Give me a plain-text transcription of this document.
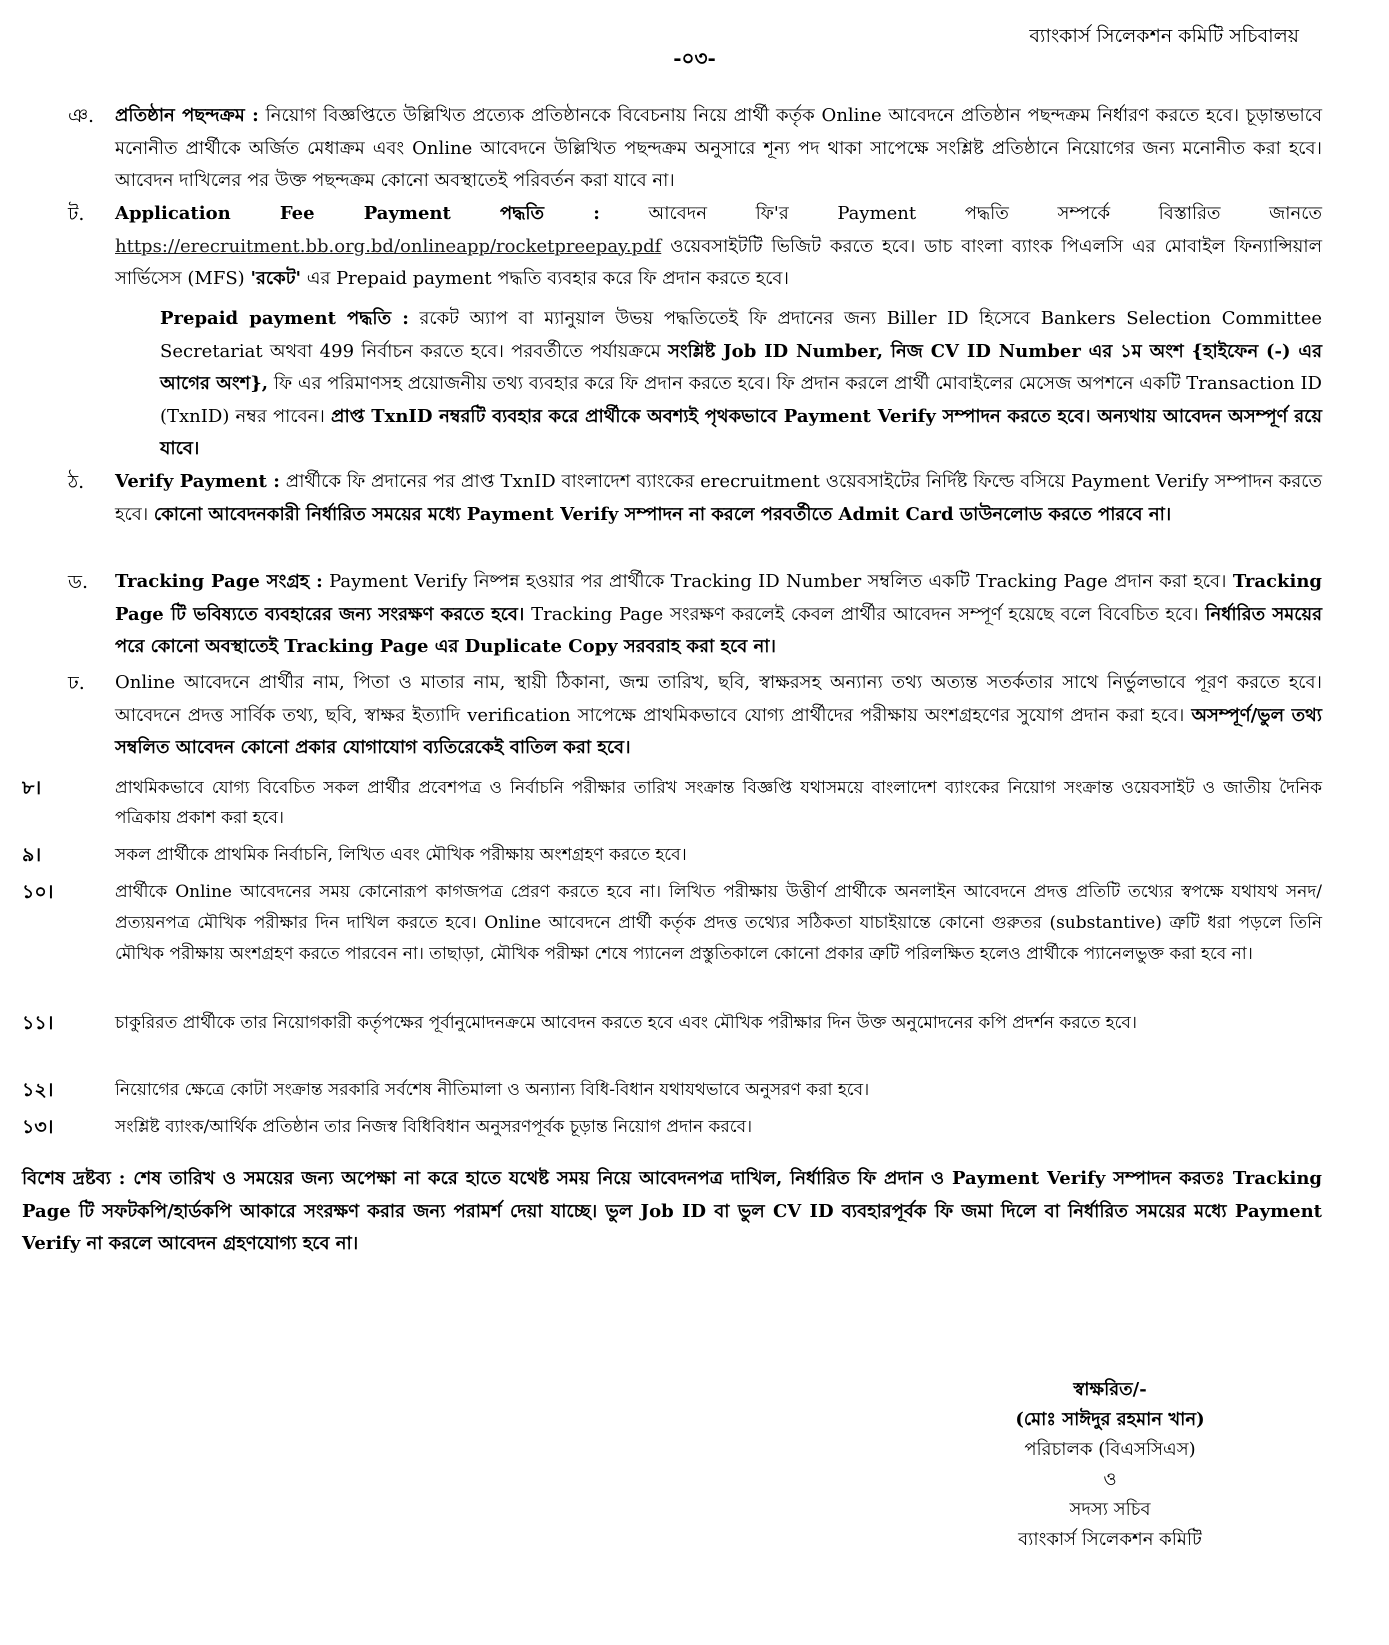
ব্যাংকার্স সিলেকশন কমিটি সচিবালয়
-০৩-
ঞ. প্রতিষ্ঠান পছন্দক্রম : নিয়োগ বিজ্ঞপ্তিতে উল্লিখিত প্রত্যেক প্রতিষ্ঠানকে বিবেচনায় নিয়ে প্রার্থী কর্তৃক Online আবেদনে প্রতিষ্ঠান পছন্দক্রম নির্ধারণ করতে হবে। চূড়ান্তভাবে মনোনীত প্রার্থীকে অর্জিত মেধাক্রম এবং Online আবেদনে উল্লিখিত পছন্দক্রম অনুসারে শূন্য পদ থাকা সাপেক্ষে সংশ্লিষ্ট প্রতিষ্ঠানে নিয়োগের জন্য মনোনীত করা হবে। আবেদন দাখিলের পর উক্ত পছন্দক্রম কোনো অবস্থাতেই পরিবর্তন করা যাবে না।
ট. Application Fee Payment পদ্ধতি :	আবেদন ফি'র Payment পদ্ধতি সম্পর্কে বিস্তারিত জানতে https://erecruitment.bb.org.bd/onlineapp/rocketpreepay.pdf ওয়েবসাইটটি ভিজিট করতে হবে। ডাচ বাংলা ব্যাংক পিএলসি এর মোবাইল ফিন্যান্সিয়াল সার্ভিসেস (MFS) 'রকেট' এর Prepaid payment পদ্ধতি ব্যবহার করে ফি প্রদান করতে হবে।
Prepaid payment পদ্ধতি : রকেট অ্যাপ বা ম্যানুয়াল উভয় পদ্ধতিতেই ফি প্রদানের জন্য Biller ID হিসেবে Bankers Selection Committee Secretariat অথবা 499 নির্বাচন করতে হবে। পরবর্তীতে পর্যায়ক্রমে সংশ্লিষ্ট Job ID Number, নিজ CV ID Number এর ১ম অংশ {হাইফেন (-) এর আগের অংশ}, ফি এর পরিমাণসহ প্রয়োজনীয় তথ্য ব্যবহার করে ফি প্রদান করতে হবে। ফি প্রদান করলে প্রার্থী মোবাইলের মেসেজ অপশনে একটি Transaction ID (TxnID) নম্বর পাবেন। প্রাপ্ত TxnID নম্বরটি ব্যবহার করে প্রার্থীকে অবশ্যই পৃথকভাবে Payment Verify সম্পাদন করতে হবে। অন্যথায় আবেদন অসম্পূর্ণ রয়ে যাবে।
ঠ. Verify Payment : প্রার্থীকে ফি প্রদানের পর প্রাপ্ত TxnID বাংলাদেশ ব্যাংকের erecruitment ওয়েবসাইটের নির্দিষ্ট ফিল্ডে বসিয়ে Payment Verify সম্পাদন করতে হবে। কোনো আবেদনকারী নির্ধারিত সময়ের মধ্যে Payment Verify সম্পাদন না করলে পরবর্তীতে Admit Card ডাউনলোড করতে পারবে না।
ড. Tracking Page সংগ্রহ : Payment Verify নিষ্পন্ন হওয়ার পর প্রার্থীকে Tracking ID Number সম্বলিত একটি Tracking Page প্রদান করা হবে। Tracking Page টি ভবিষ্যতে ব্যবহারের জন্য সংরক্ষণ করতে হবে। Tracking Page সংরক্ষণ করলেই কেবল প্রার্থীর আবেদন সম্পূর্ণ হয়েছে বলে বিবেচিত হবে। নির্ধারিত সময়ের পরে কোনো অবস্থাতেই Tracking Page এর Duplicate Copy সরবরাহ করা হবে না।
ঢ. Online আবেদনে প্রার্থীর নাম, পিতা ও মাতার নাম, স্থায়ী ঠিকানা, জন্ম তারিখ, ছবি, স্বাক্ষরসহ অন্যান্য তথ্য অত্যন্ত সতর্কতার সাথে নির্ভুলভাবে পূরণ করতে হবে। আবেদনে প্রদত্ত সার্বিক তথ্য, ছবি, স্বাক্ষর ইত্যাদি verification সাপেক্ষে প্রাথমিকভাবে যোগ্য প্রার্থীদের পরীক্ষায় অংশগ্রহণের সুযোগ প্রদান করা হবে। অসম্পূর্ণ/ভুল তথ্য সম্বলিত আবেদন কোনো প্রকার যোগাযোগ ব্যতিরেকেই বাতিল করা হবে।
৮।	প্রাথমিকভাবে যোগ্য বিবেচিত সকল প্রার্থীর প্রবেশপত্র ও নির্বাচনি পরীক্ষার তারিখ সংক্রান্ত বিজ্ঞপ্তি যথাসময়ে বাংলাদেশ ব্যাংকের নিয়োগ সংক্রান্ত ওয়েবসাইট ও জাতীয় দৈনিক পত্রিকায় প্রকাশ করা হবে।
৯।	সকল প্রার্থীকে প্রাথমিক নির্বাচনি, লিখিত এবং মৌখিক পরীক্ষায় অংশগ্রহণ করতে হবে।
১০।	প্রার্থীকে Online আবেদনের সময় কোনোরূপ কাগজপত্র প্রেরণ করতে হবে না। লিখিত পরীক্ষায় উত্তীর্ণ প্রার্থীকে অনলাইন আবেদনে প্রদত্ত প্রতিটি তথ্যের স্বপক্ষে যথাযথ সনদ/প্রত্যয়নপত্র মৌখিক পরীক্ষার দিন দাখিল করতে হবে। Online আবেদনে প্রার্থী কর্তৃক প্রদত্ত তথ্যের সঠিকতা যাচাইয়ান্তে কোনো গুরুতর (substantive) ত্রুটি ধরা পড়লে তিনি মৌখিক পরীক্ষায় অংশগ্রহণ করতে পারবেন না। তাছাড়া, মৌখিক পরীক্ষা শেষে প্যানেল প্রস্তুতিকালে কোনো প্রকার ত্রুটি পরিলক্ষিত হলেও প্রার্থীকে প্যানেলভুক্ত করা হবে না।
১১।	চাকুরিরত প্রার্থীকে তার নিয়োগকারী কর্তৃপক্ষের পূর্বানুমোদনক্রমে আবেদন করতে হবে এবং মৌখিক পরীক্ষার দিন উক্ত অনুমোদনের কপি প্রদর্শন করতে হবে।
১২।	নিয়োগের ক্ষেত্রে কোটা সংক্রান্ত সরকারি সর্বশেষ নীতিমালা ও অন্যান্য বিধি-বিধান যথাযথভাবে অনুসরণ করা হবে।
১৩।	সংশ্লিষ্ট ব্যাংক/আর্থিক প্রতিষ্ঠান তার নিজস্ব বিধিবিধান অনুসরণপূর্বক চূড়ান্ত নিয়োগ প্রদান করবে।
বিশেষ দ্রষ্টব্য : শেষ তারিখ ও সময়ের জন্য অপেক্ষা না করে হাতে যথেষ্ট সময় নিয়ে আবেদনপত্র দাখিল, নির্ধারিত ফি প্রদান ও Payment Verify সম্পাদন করতঃ Tracking Page টি সফটকপি/হার্ডকপি আকারে সংরক্ষণ করার জন্য পরামর্শ দেয়া যাচ্ছে। ভুল Job ID বা ভুল CV ID ব্যবহারপূর্বক ফি জমা দিলে বা নির্ধারিত সময়ের মধ্যে Payment Verify না করলে আবেদন গ্রহণযোগ্য হবে না।
স্বাক্ষরিত/-
(মোঃ সাঈদুর রহমান খান)
পরিচালক (বিএসসিএস)
ও
সদস্য সচিব
ব্যাংকার্স সিলেকশন কমিটি
